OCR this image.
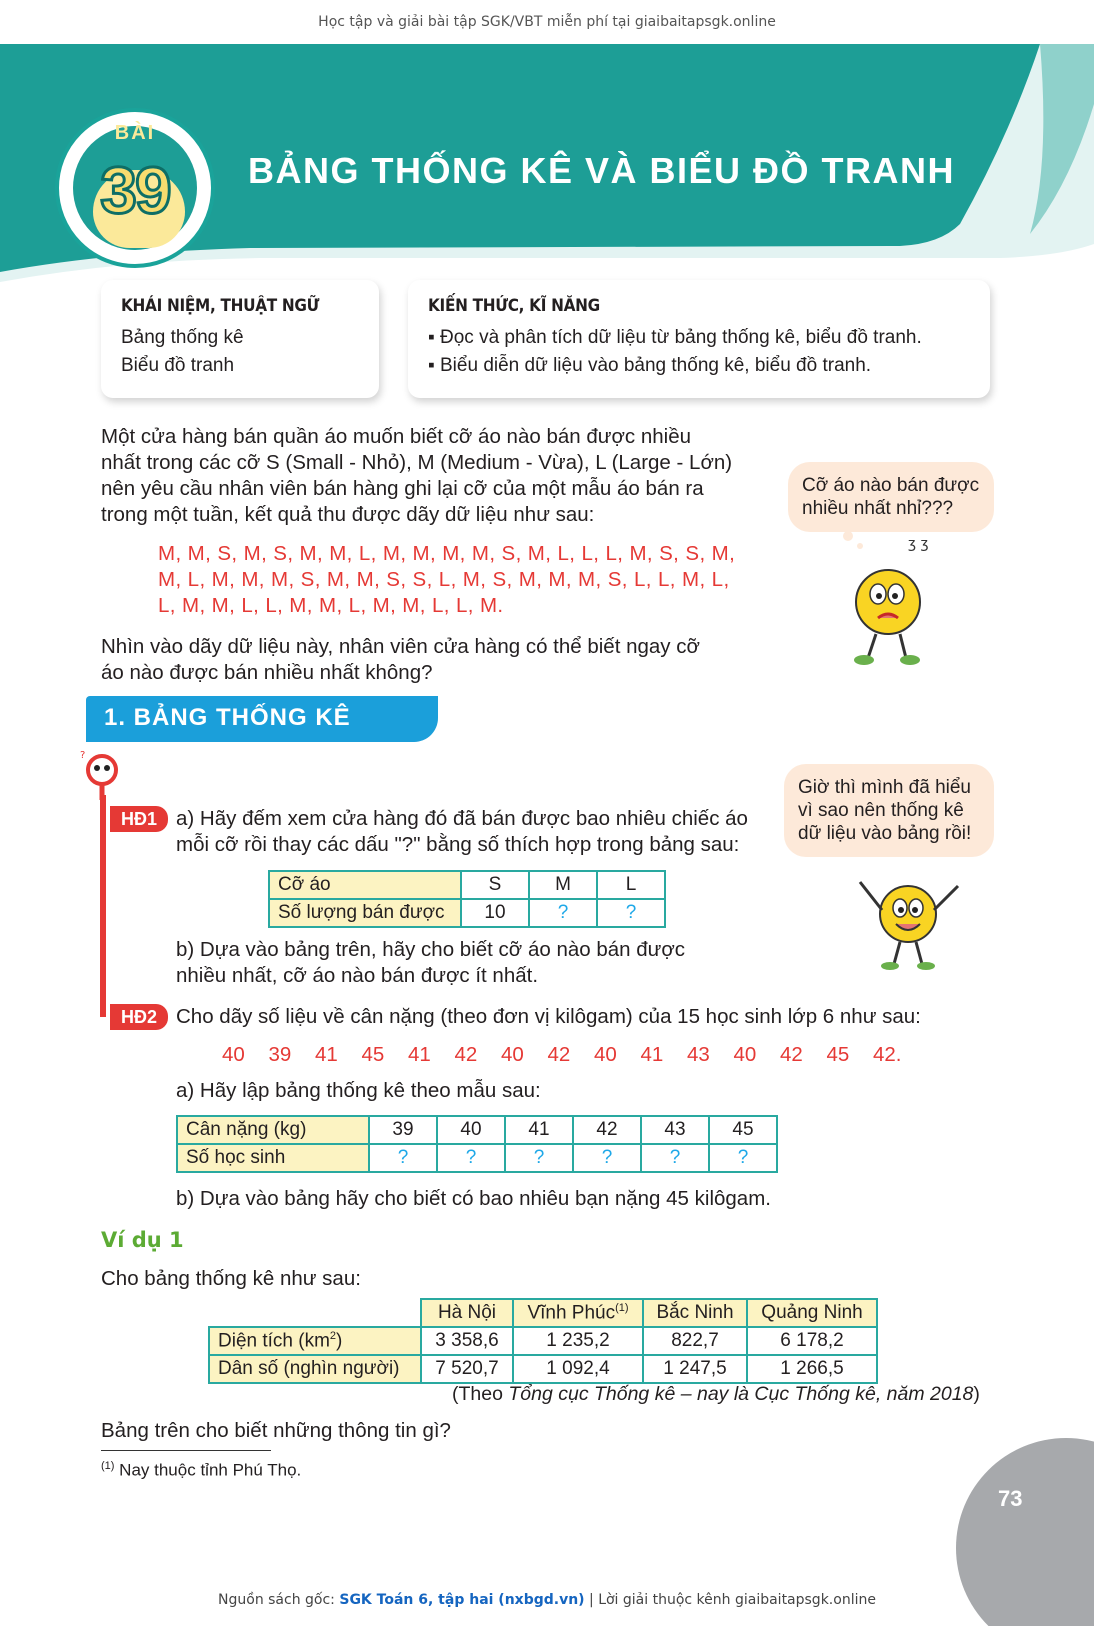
Học tập và giải bài tập SGK/VBT miễn phí tại giaibaitapsgk.online
BÀI
39	BẢNG THỐNG KÊ VÀ BIỂU ĐỒ TRANH
KHÁI NIỆM, THUẬT NGỮ
Bảng thống kê
Biểu đồ tranh
KIẾN THỨC, KĨ NĂNG
▪ Đọc và phân tích dữ liệu từ bảng thống kê, biểu đồ tranh.
▪ Biểu diễn dữ liệu vào bảng thống kê, biểu đồ tranh.
Một cửa hàng bán quần áo muốn biết cỡ áo nào bán được nhiều
nhất trong các cỡ S (Small - Nhỏ), M (Medium - Vừa), L (Large - Lớn)
nên yêu cầu nhân viên bán hàng ghi lại cỡ của một mẫu áo bán ra
trong một tuần, kết quả thu được dãy dữ liệu như sau:
M, M, S, M, S, M, M, L, M, M, M, M, S, M, L, L, L, M, S, S, M,
M, L, M, M, M, S, M, M, S, S, L, M, S, M, M, M, S, L, L, M, L,
L, M, M, L, L, M, M, L, M, M, L, L, M.
Nhìn vào dãy dữ liệu này, nhân viên cửa hàng có thể biết ngay cỡ
áo nào được bán nhiều nhất không?
Cỡ áo nào bán được
nhiều nhất nhỉ???
ʒ ʒ
1. BẢNG THỐNG KÊ
?
HĐ1 a) Hãy đếm xem cửa hàng đó đã bán được bao nhiêu chiếc áo
mỗi cỡ rồi thay các dấu "?" bằng số thích hợp trong bảng sau:
Cỡ áo	S	M	L
Số lượng bán được	10	?	?
b) Dựa vào bảng trên, hãy cho biết cỡ áo nào bán được
nhiều nhất, cỡ áo nào bán được ít nhất.
Giờ thì mình đã hiểu
vì sao nên thống kê
dữ liệu vào bảng rồi!
HĐ2 Cho dãy số liệu về cân nặng (theo đơn vị kilôgam) của 15 học sinh lớp 6 như sau:
40 39 41 45 41 42 40 42 40 41 43 40 42 45 42.
a) Hãy lập bảng thống kê theo mẫu sau:
Cân nặng (kg)	39	40	41	42	43	45
Số học sinh	?	?	?	?	?	?
b) Dựa vào bảng hãy cho biết có bao nhiêu bạn nặng 45 kilôgam.
Ví dụ 1
Cho bảng thống kê như sau:
	Hà Nội	Vĩnh Phúc$^{(1)}$	Bắc Ninh	Quảng Ninh
Diện tích $(km^2)$	3 358,6	1 235,2	822,7	6 178,2
Dân số (nghìn người)	7 520,7	1 092,4	1 247,5	1 266,5
(Theo Tổng cục Thống kê – nay là Cục Thống kê, năm 2018)
Bảng trên cho biết những thông tin gì?
$^{(1)}$ Nay thuộc tỉnh Phú Thọ.
73
Nguồn sách gốc: SGK Toán 6, tập hai (nxbgd.vn) | Lời giải thuộc kênh giaibaitapsgk.online
